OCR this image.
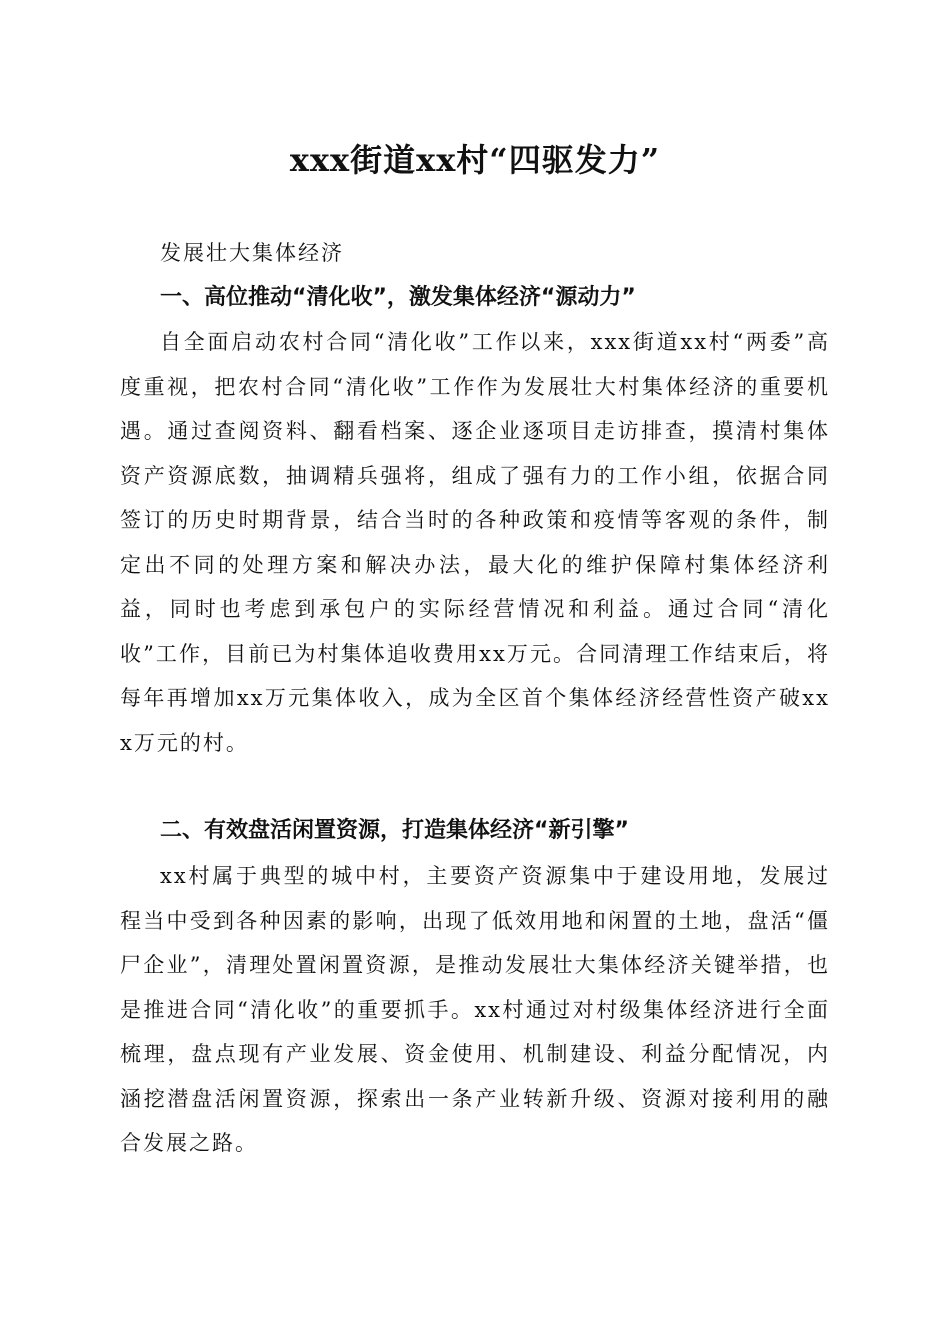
xxx街道xx村“四驱发力”
发展壮大集体经济
一、高位推动“清化收”，激发集体经济“源动力”
自全面启动农村合同“清化收”工作以来，xxx街道xx村“两委”高度重视，把农村合同“清化收”工作作为发展壮大村集体经济的重要机遇。通过查阅资料、翻看档案、逐企业逐项目走访排查，摸清村集体资产资源底数，抽调精兵强将，组成了强有力的工作小组，依据合同签订的历史时期背景，结合当时的各种政策和疫情等客观的条件，制定出不同的处理方案和解决办法，最大化的维护保障村集体经济利益，同时也考虑到承包户的实际经营情况和利益。通过合同“清化收”工作，目前已为村集体追收费用xx万元。合同清理工作结束后，将每年再增加xx万元集体收入，成为全区首个集体经济经营性资产破xxx万元的村。
二、有效盘活闲置资源，打造集体经济“新引擎”
xx村属于典型的城中村，主要资产资源集中于建设用地，发展过程当中受到各种因素的影响，出现了低效用地和闲置的土地，盘活“僵尸企业”，清理处置闲置资源，是推动发展壮大集体经济关键举措，也是推进合同“清化收”的重要抓手。xx村通过对村级集体经济进行全面梳理，盘点现有产业发展、资金使用、机制建设、利益分配情况，内涵挖潜盘活闲置资源，探索出一条产业转新升级、资源对接利用的融合发展之路。
